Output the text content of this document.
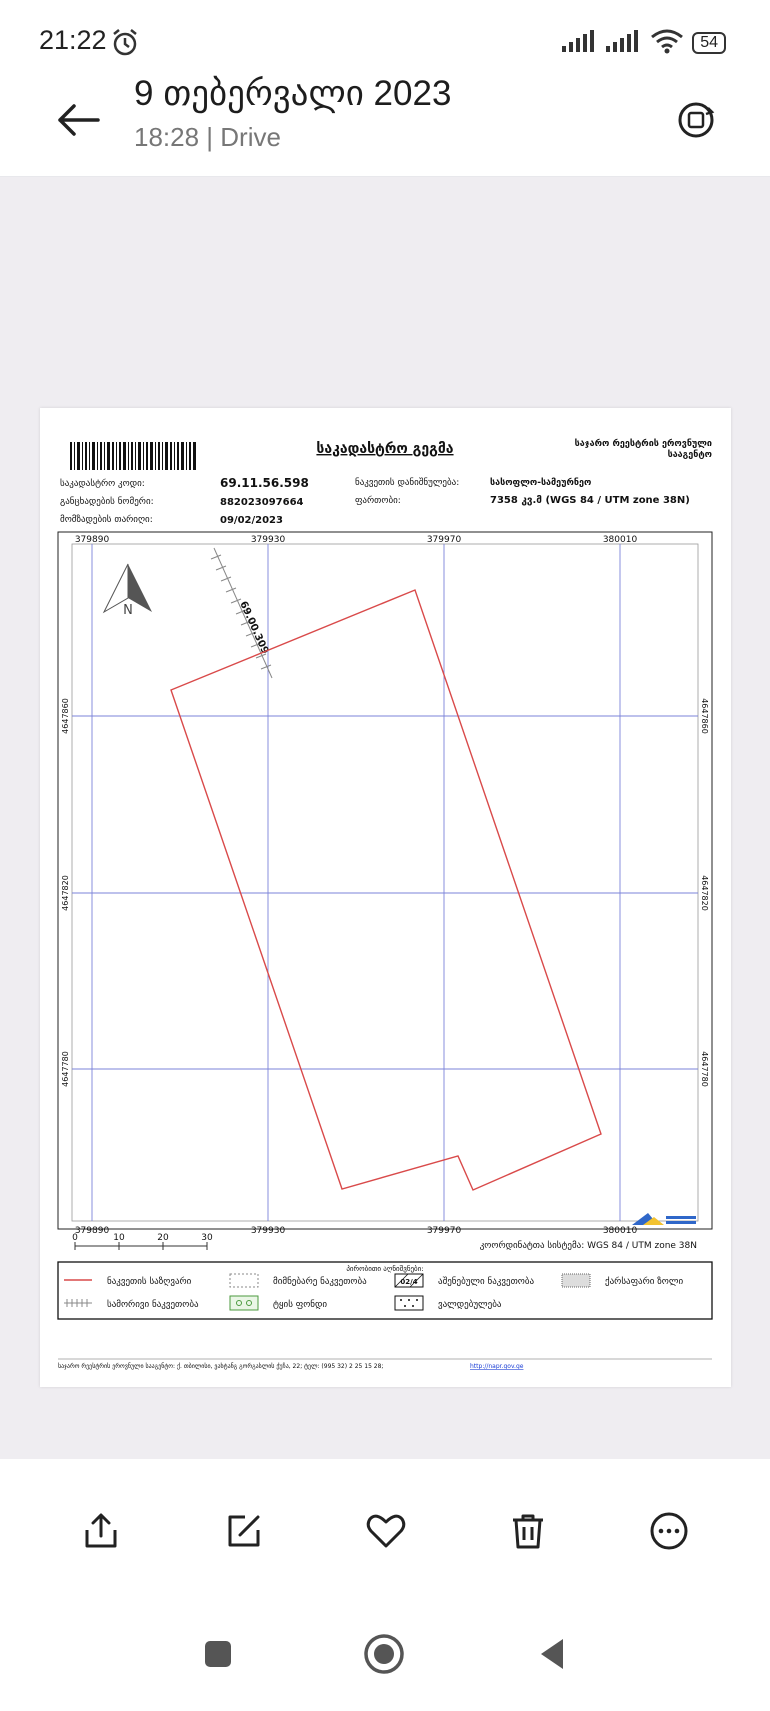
21:22	54
9 თებერვალი 2023
18:28 | Drive
საკადასტრო გეგმა	საჯარო რეესტრის ეროვნული
სააგენტო
საკადასტრო კოდი:	69.11.56.598
განცხადების ნომერი:	882023097664
მომზადების თარიღი:	09/02/2023
ნაკვეთის დანიშნულება:	სასოფლო-სამეურნეო
ფართობი:	7358 კვ.მ (WGS 84 / UTM zone 38N)
379890	379930	379970	380010
379890	379930	379970	380010
4647860
4647820
4647780
4647860
4647820
4647780
N	69.00.309
0	10	20	30
კოორდინატთა სისტემა: WGS 84 / UTM zone 38N
პირობითი აღნიშვნები:
ნაკვეთის საზღვარი	მიმნებარე ნაკვეთობა	02/4 აშენებული ნაკვეთობა	ქარსაფარი ზოლი
სამორივი ნაკვეთობა	ტყის ფონდი	ვალდებულება
საჯარო რეესტრის ეროვნული სააგენტო: ქ. თბილისი, ვახტანგ გორგასლის ქუჩა, 22; ტელ: (995 32) 2 25 15 28;	http://napr.gov.ge
